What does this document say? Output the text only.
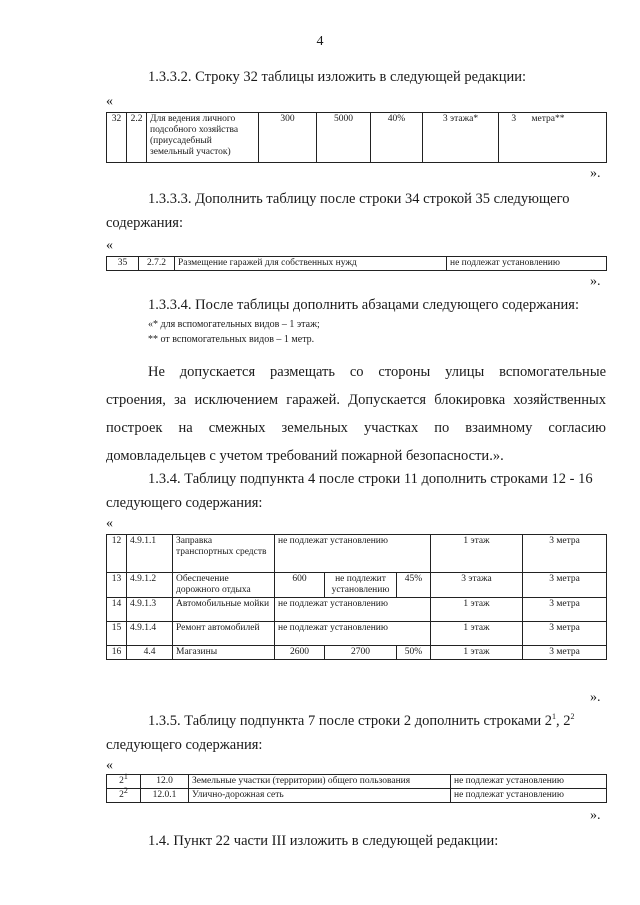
4
1.3.3.2. Строку 32 таблицы изложить в следующей редакции:
«
32	2.2	Для ведения личного подсобного хозяйства (приусадебный земельный участок)	300	5000	40%	3 этажа*	3	метра**
».
1.3.3.3. Дополнить таблицу после строки 34 строкой 35 следующего
содержания:
«
35	2.7.2	Размещение гаражей для собственных нужд	не подлежат установлению
».
1.3.3.4. После таблицы дополнить абзацами следующего содержания:
«* для вспомогательных видов – 1 этаж;
** от вспомогательных видов – 1 метр.
Не допускается размещать со стороны улицы вспомогательные
строения, за исключением гаражей. Допускается блокировка хозяйственных
построек на смежных земельных участках по взаимному согласию
домовладельцев с учетом требований пожарной безопасности.».
1.3.4. Таблицу подпункта 4 после строки 11 дополнить строками 12 - 16
следующего содержания:
«
12	4.9.1.1	Заправка транспортных средств	не подлежат установлению			1 этаж	3 метра
13	4.9.1.2	Обеспечение дорожного отдыха	600	не подлежит установлению	45%	3 этажа	3 метра
14	4.9.1.3	Автомобильные мойки	не подлежат установлению			1 этаж	3 метра
15	4.9.1.4	Ремонт автомобилей	не подлежат установлению			1 этаж	3 метра
16	4.4	Магазины	2600	2700	50%	1 этаж	3 метра
».
1.3.5. Таблицу подпункта 7 после строки 2 дополнить строками $2^1$, $2^2$
следующего содержания:
«
$2^1$	12.0	Земельные участки (территории) общего пользования	не подлежат установлению
$2^2$	12.0.1	Улично-дорожная сеть	не подлежат установлению
».
1.4. Пункт 22 части III изложить в следующей редакции:
